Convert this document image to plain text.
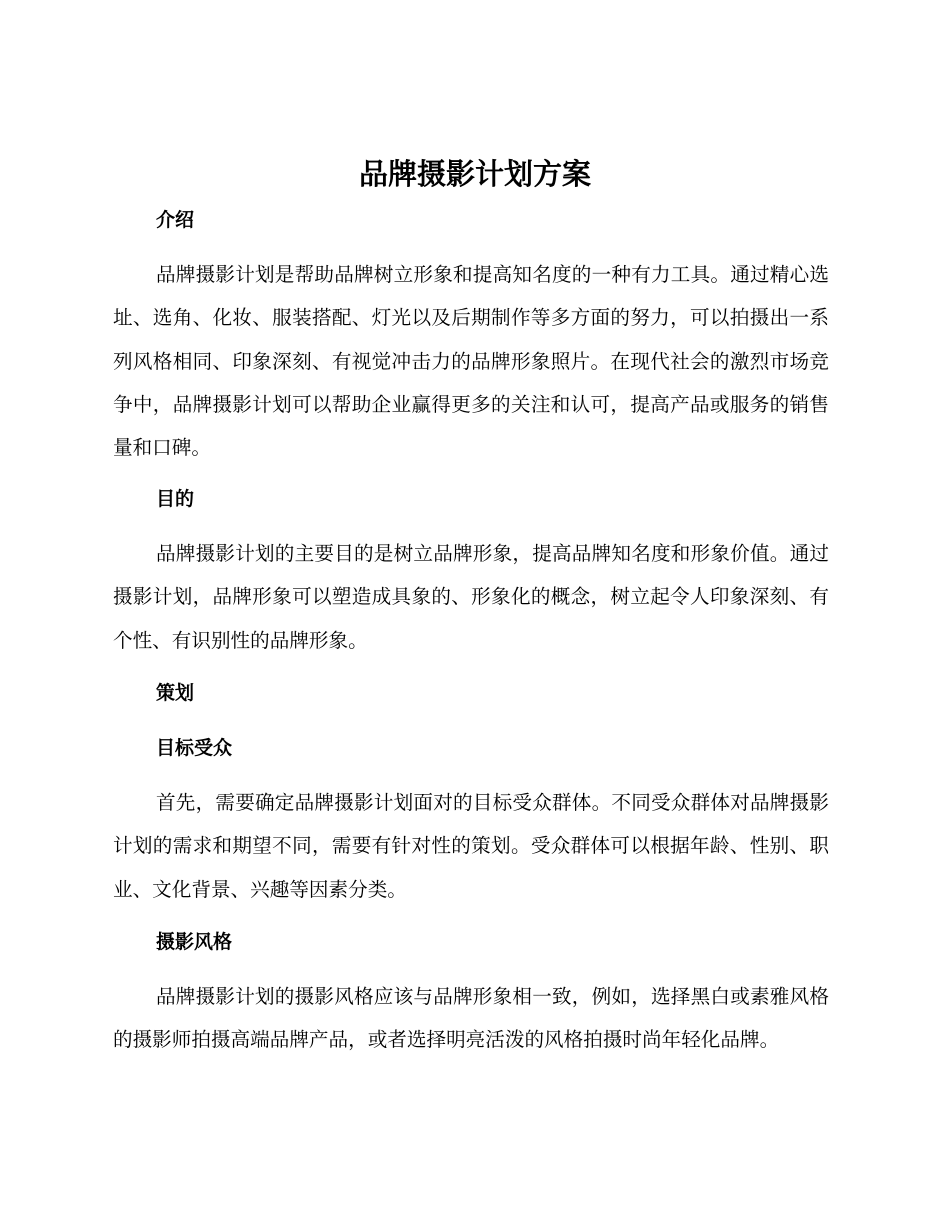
品牌摄影计划方案
介绍

品牌摄影计划是帮助品牌树立形象和提高知名度的一种有力工具。通过精心选址、选角、化妆、服装搭配、灯光以及后期制作等多方面的努力，可以拍摄出一系列风格相同、印象深刻、有视觉冲击力的品牌形象照片。在现代社会的激烈市场竞争中，品牌摄影计划可以帮助企业赢得更多的关注和认可，提高产品或服务的销售量和口碑。

目的

品牌摄影计划的主要目的是树立品牌形象，提高品牌知名度和形象价值。通过摄影计划，品牌形象可以塑造成具象的、形象化的概念，树立起令人印象深刻、有个性、有识别性的品牌形象。

策划
目标受众

首先，需要确定品牌摄影计划面对的目标受众群体。不同受众群体对品牌摄影计划的需求和期望不同，需要有针对性的策划。受众群体可以根据年龄、性别、职业、文化背景、兴趣等因素分类。

摄影风格

品牌摄影计划的摄影风格应该与品牌形象相一致，例如，选择黑白或素雅风格的摄影师拍摄高端品牌产品，或者选择明亮活泼的风格拍摄时尚年轻化品牌。
